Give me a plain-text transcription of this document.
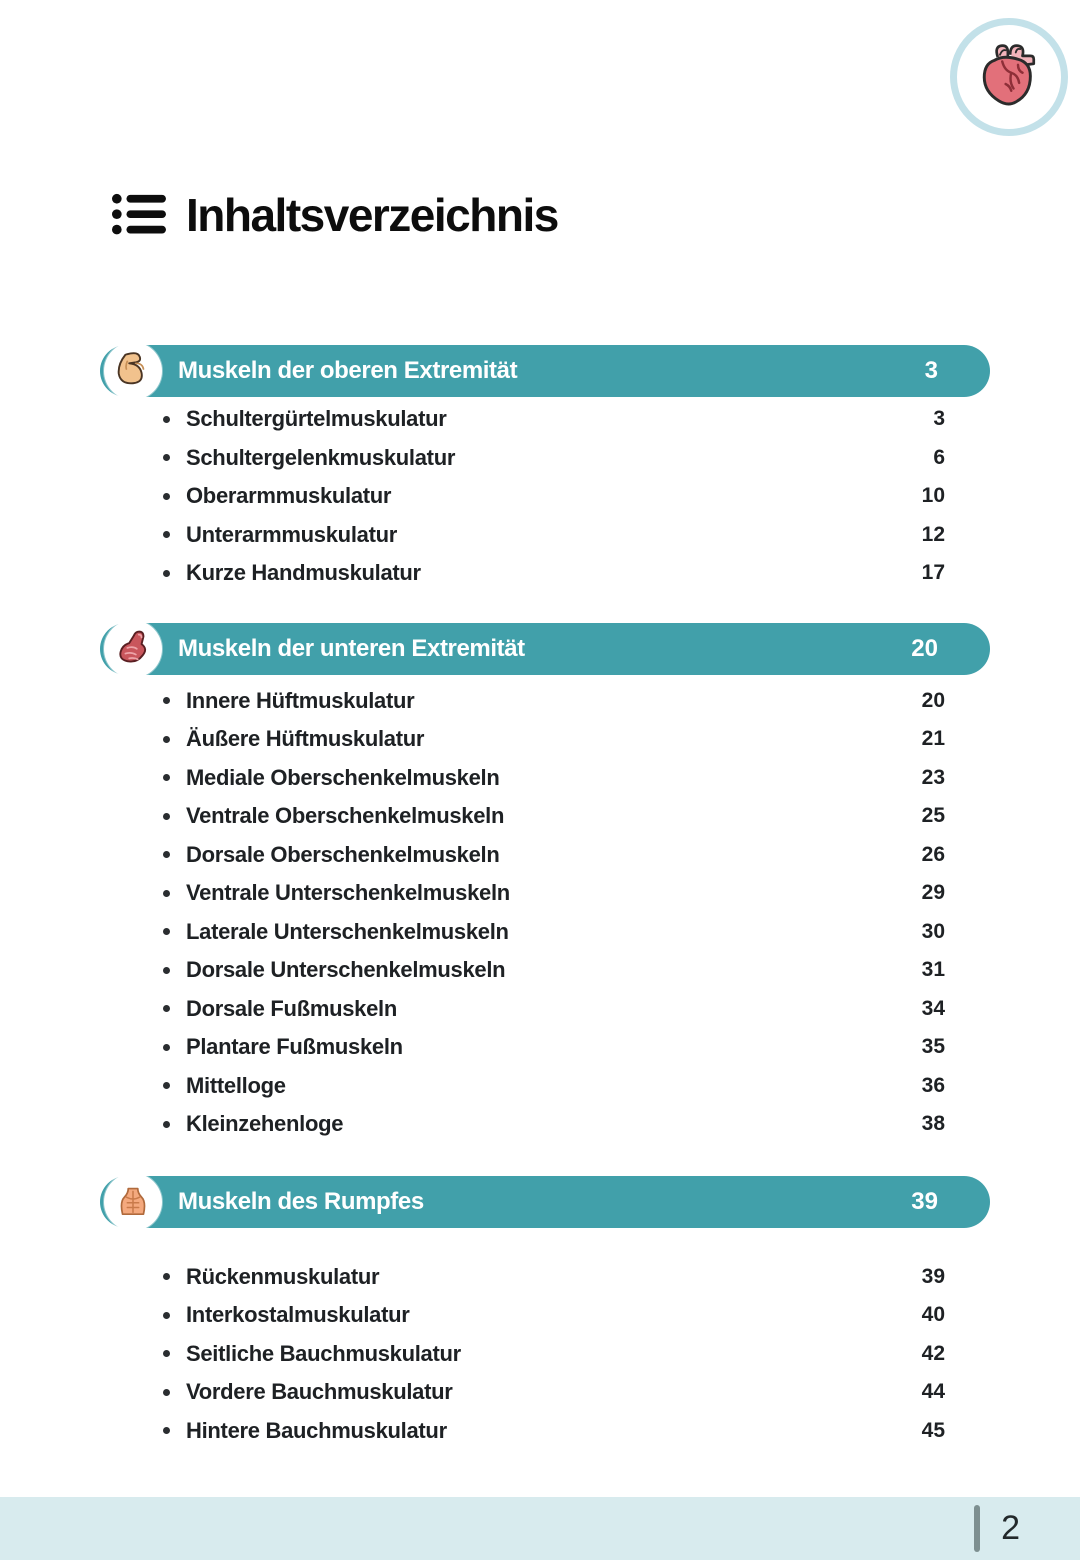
Inhaltsverzeichnis
Muskeln der oberen Extremität	3
Schultergürtelmuskulatur	3
Schultergelenkmuskulatur	6
Oberarmmuskulatur	10
Unterarmmuskulatur	12
Kurze Handmuskulatur	17
Muskeln der unteren Extremität	20
Innere Hüftmuskulatur	20
Äußere Hüftmuskulatur	21
Mediale Oberschenkelmuskeln	23
Ventrale Oberschenkelmuskeln	25
Dorsale Oberschenkelmuskeln	26
Ventrale Unterschenkelmuskeln	29
Laterale Unterschenkelmuskeln	30
Dorsale Unterschenkelmuskeln	31
Dorsale Fußmuskeln	34
Plantare Fußmuskeln	35
Mittelloge	36
Kleinzehenloge	38
Muskeln des Rumpfes	39
Rückenmuskulatur	39
Interkostalmuskulatur	40
Seitliche Bauchmuskulatur	42
Vordere Bauchmuskulatur	44
Hintere Bauchmuskulatur	45
2
